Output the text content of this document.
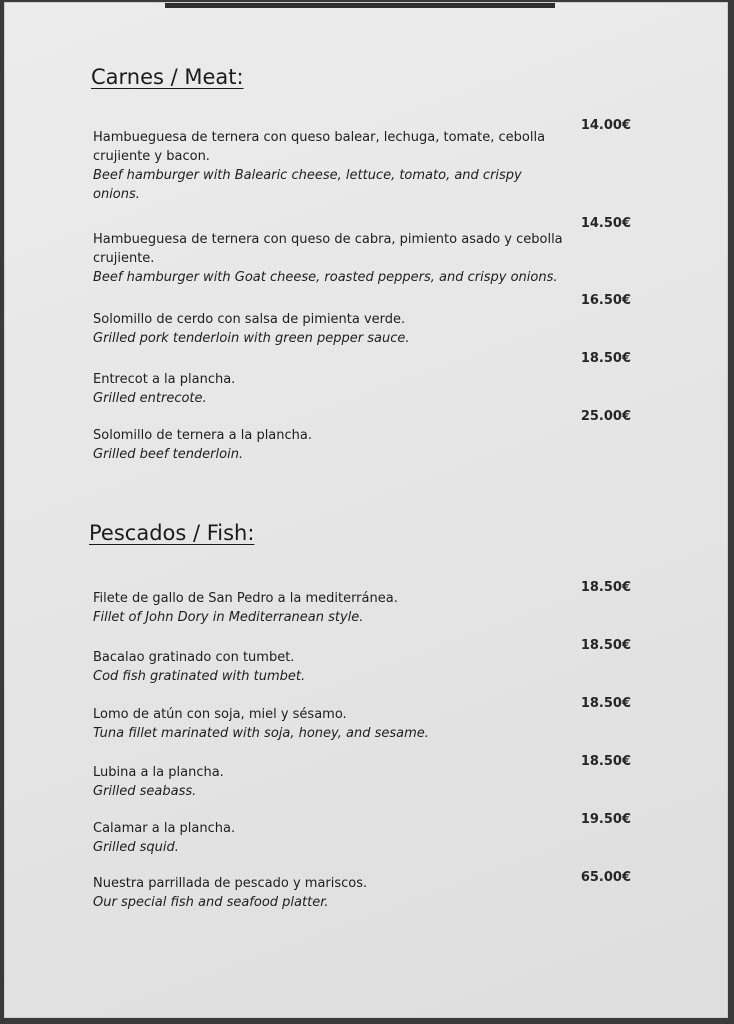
Carnes / Meat:

Hambueguesa de ternera con queso balear, lechuga, tomate, cebolla crujiente y bacon.

Beef hamburger with Balearic cheese, lettuce, tomato, and crispy onions.

14.00€

Hambueguesa de ternera con queso de cabra, pimiento asado y cebolla crujiente.

Beef hamburger with Goat cheese, roasted peppers, and crispy onions.

14.50€

Solomillo de cerdo con salsa de pimienta verde.

Grilled pork tenderloin with green pepper sauce.

16.50€

Entrecot a la plancha.

Grilled entrecote.

18.50€

Solomillo de ternera a la plancha.

Grilled beef tenderloin.

25.00€
Pescados / Fish:

Filete de gallo de San Pedro a la mediterránea.

Fillet of John Dory in Mediterranean style.

18.50€

Bacalao gratinado con tumbet.

Cod fish gratinated with tumbet.

18.50€

Lomo de atún con soja, miel y sésamo.

Tuna fillet marinated with soja, honey, and sesame.

18.50€

Lubina a la plancha.

Grilled seabass.

18.50€

Calamar a la plancha.

Grilled squid.

19.50€

Nuestra parrillada de pescado y mariscos.

Our special fish and seafood platter.

65.00€
